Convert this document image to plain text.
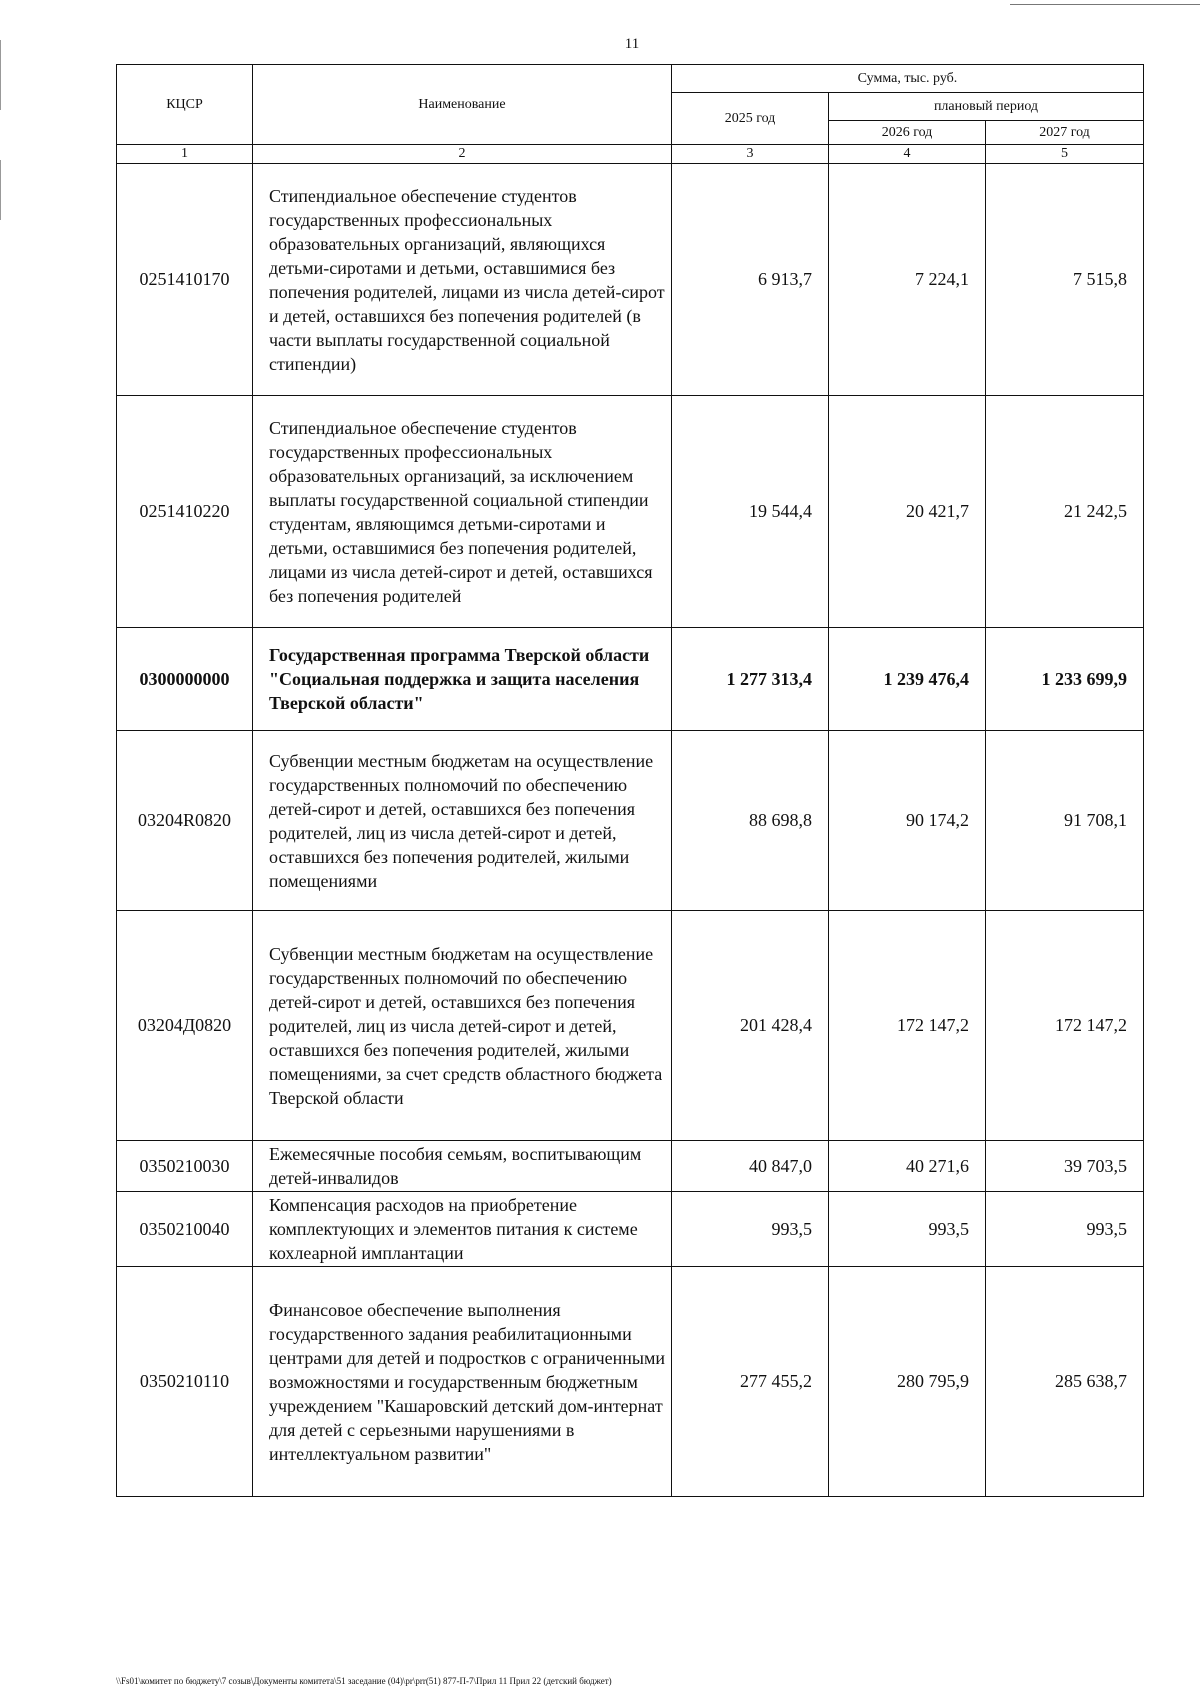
11
КЦСР	Наименование	Сумма, тыс. руб.		
		2025 год	плановый период	
			2026 год	2027 год
1	2	3	4	5
0251410170	Стипендиальное обеспечение студентов государственных профессиональных образовательных организаций, являющихся детьми-сиротами и детьми, оставшимися без попечения родителей, лицами из числа детей-сирот и детей, оставшихся без попечения родителей (в части выплаты государственной социальной стипендии)	6 913,7	7 224,1	7 515,8
0251410220	Стипендиальное обеспечение студентов государственных профессиональных образовательных организаций, за исключением выплаты государственной социальной стипендии студентам, являющимся детьми-сиротами и детьми, оставшимися без попечения родителей, лицами из числа детей-сирот и детей, оставшихся без попечения родителей	19 544,4	20 421,7	21 242,5
0300000000	Государственная программа Тверской области "Социальная поддержка и защита населения Тверской области"	1 277 313,4	1 239 476,4	1 233 699,9
03204R0820	Субвенции местным бюджетам на осуществление государственных полномочий по обеспечению детей-сирот и детей, оставшихся без попечения родителей, лиц из числа детей-сирот и детей, оставшихся без попечения родителей, жилыми помещениями	88 698,8	90 174,2	91 708,1
03204Д0820	Субвенции местным бюджетам на осуществление государственных полномочий по обеспечению детей-сирот и детей, оставшихся без попечения родителей, лиц из числа детей-сирот и детей, оставшихся без попечения родителей, жилыми помещениями, за счет средств областного бюджета Тверской области	201 428,4	172 147,2	172 147,2
0350210030	Ежемесячные пособия семьям, воспитывающим детей-инвалидов	40 847,0	40 271,6	39 703,5
0350210040	Компенсация расходов на приобретение комплектующих и элементов питания к системе кохлеарной имплантации	993,5	993,5	993,5
0350210110	Финансовое обеспечение выполнения государственного задания реабилитационными центрами для детей и подростков с ограниченными возможностями и государственным бюджетным учреждением "Кашаровский детский дом-интернат для детей с серьезными нарушениями в интеллектуальном развитии"	277 455,2	280 795,9	285 638,7
\\Fs01\комитет по бюджету\7 созыв\Документы комитета\51 заседание (04)\pr\prr(51) 877-П-7\Прил 11 Прил 22 (детский бюджет)
